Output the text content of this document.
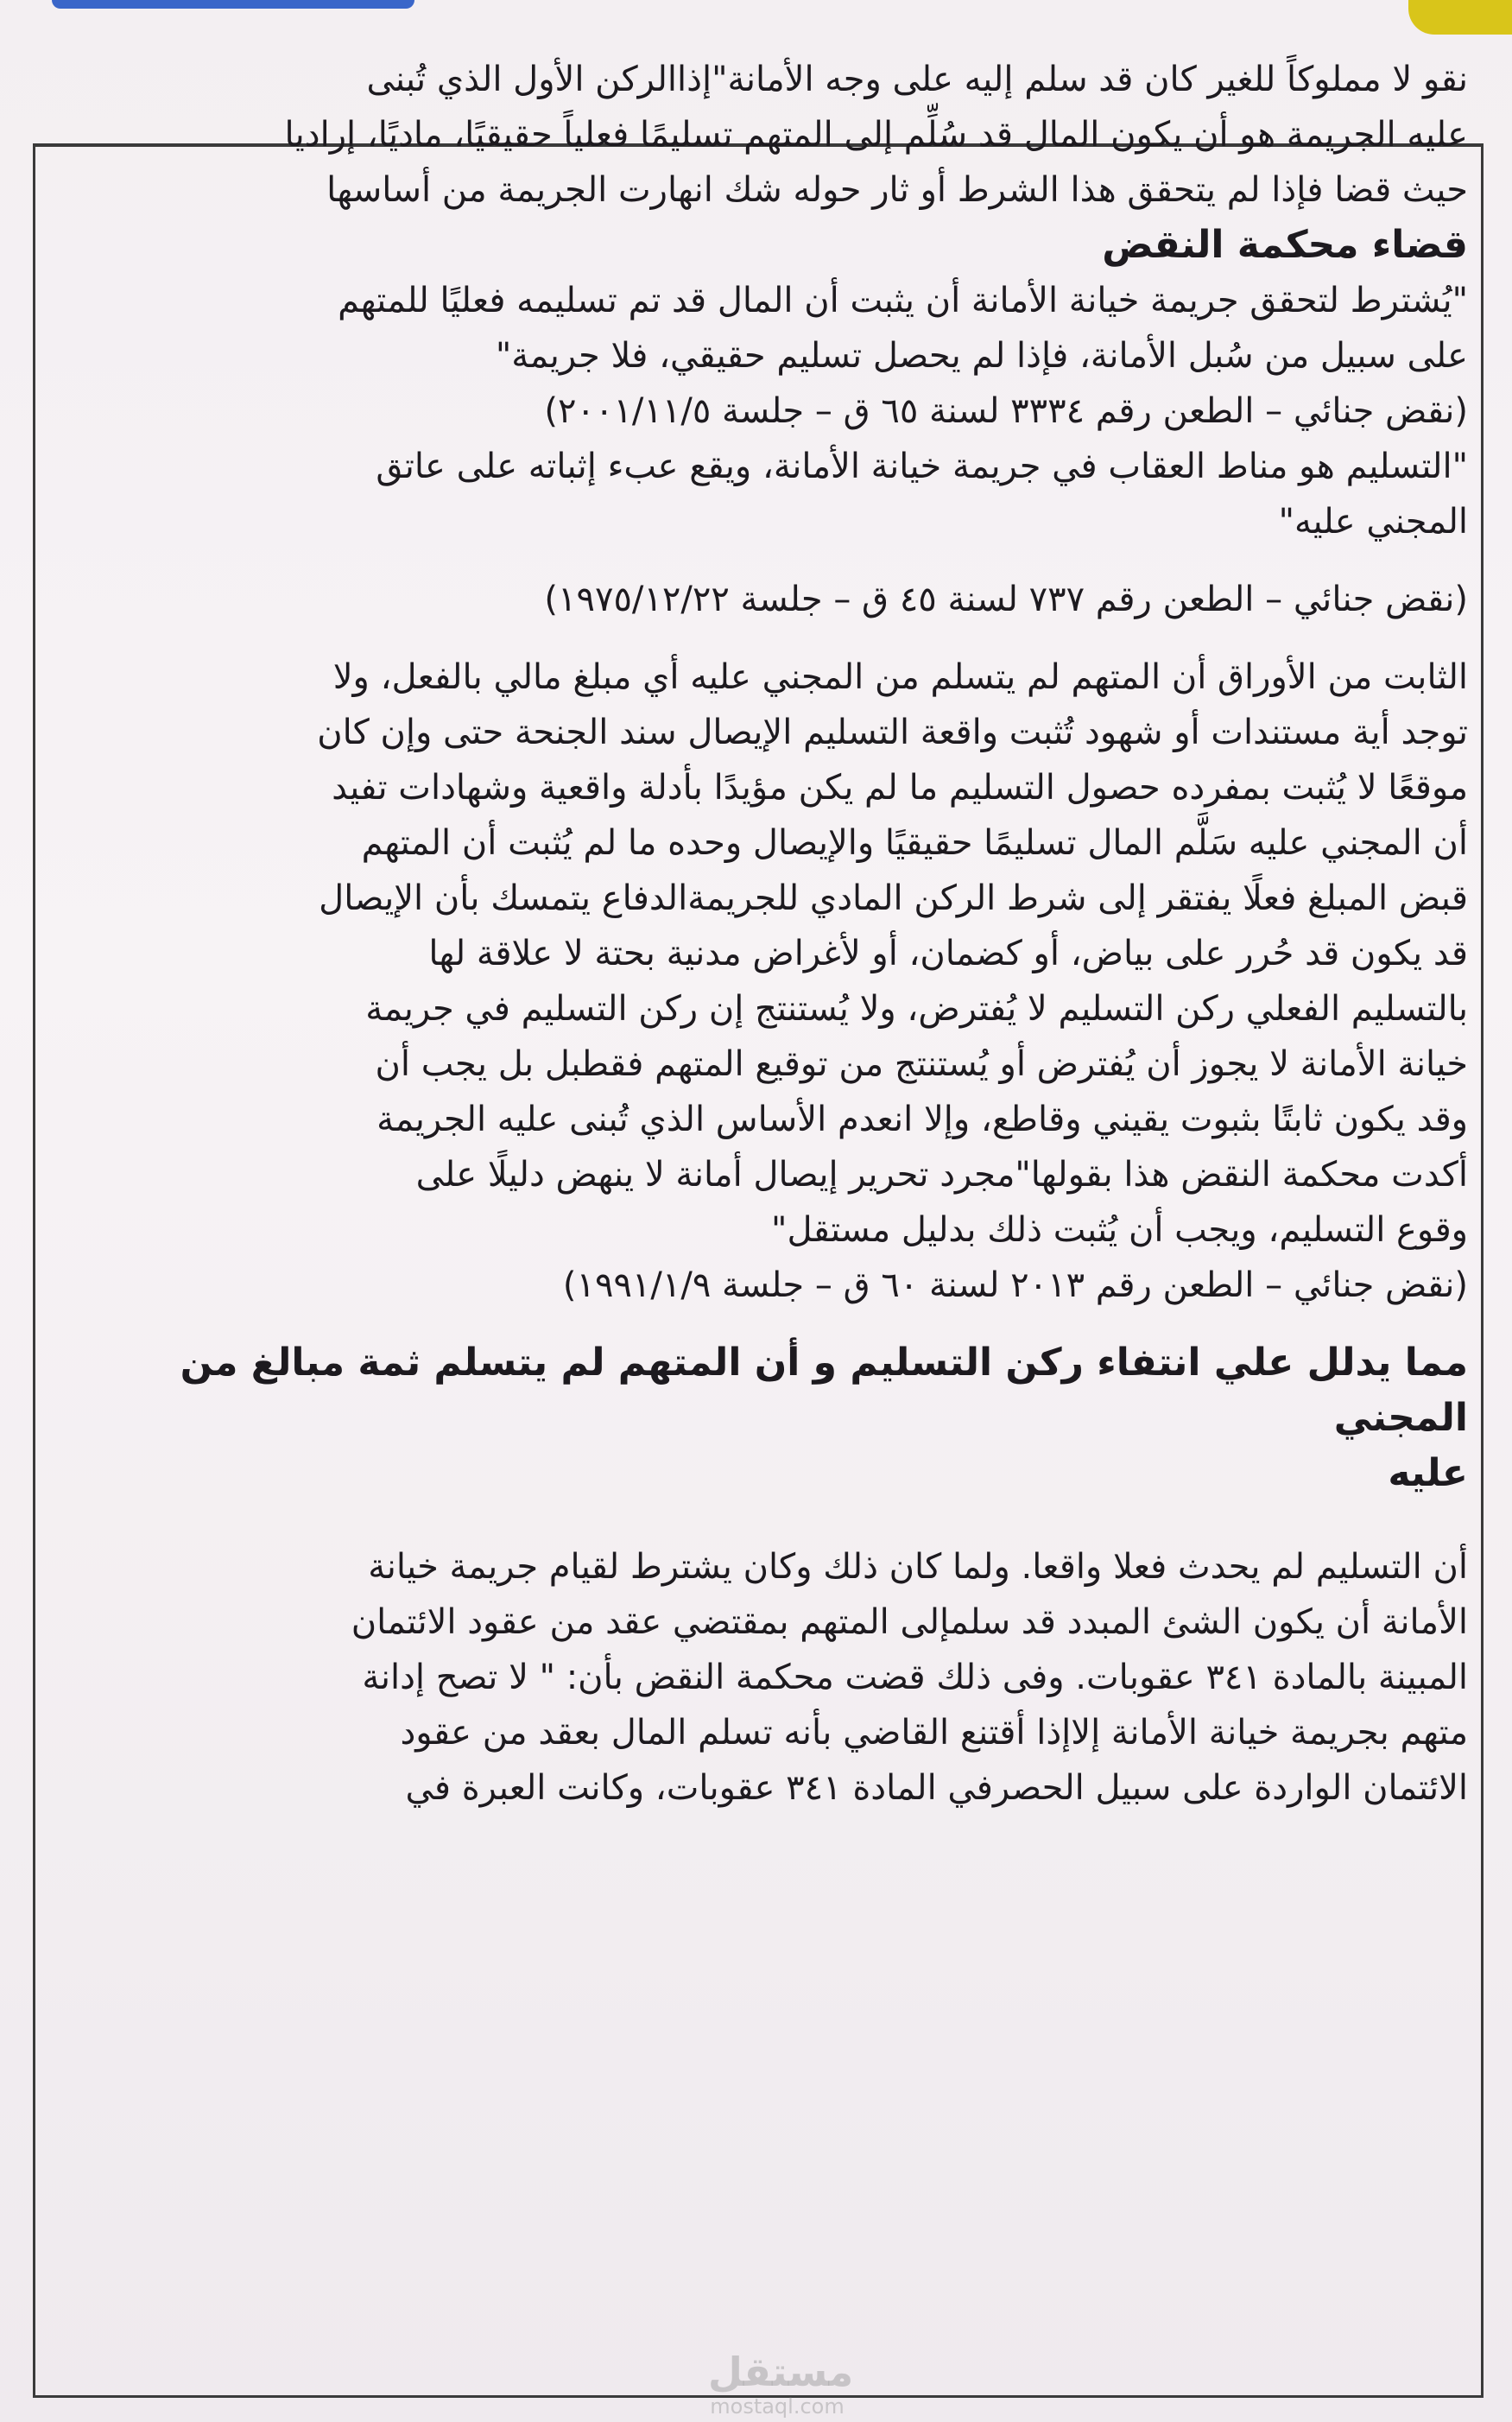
نقو لا مملوكاً للغير كان قد سلم إليه على وجه الأمانة"إذاالركن الأول الذي تُبنى

عليه الجريمة هو أن يكون المال قد سُلِّم إلى المتهم تسليمًا فعلياً حقيقيًا، ماديًا، إراديا

حيث قضا فإذا لم يتحقق هذا الشرط أو ثار حوله شك انهارت الجريمة من أساسها

قضاء محكمة النقض

"يُشترط لتحقق جريمة خيانة الأمانة أن يثبت أن المال قد تم تسليمه فعليًا للمتهم

على سبيل من سُبل الأمانة، فإذا لم يحصل تسليم حقيقي، فلا جريمة"

(نقض جنائي – الطعن رقم ٣٣٣٤ لسنة ٦٥ ق – جلسة ٢٠٠١/١١/٥)

"التسليم هو مناط العقاب في جريمة خيانة الأمانة، ويقع عبء إثباته على عاتق

المجني عليه"

(نقض جنائي – الطعن رقم ٧٣٧ لسنة ٤٥ ق – جلسة ١٩٧٥/١٢/٢٢)

الثابت من الأوراق أن المتهم لم يتسلم من المجني عليه أي مبلغ مالي بالفعل، ولا

توجد أية مستندات أو شهود تُثبت واقعة التسليم الإيصال سند الجنحة حتى وإن كان

موقعًا لا يُثبت بمفرده حصول التسليم ما لم يكن مؤيدًا بأدلة واقعية وشهادات تفيد

أن المجني عليه سَلَّم المال تسليمًا حقيقيًا والإيصال وحده ما لم يُثبت أن المتهم

قبض المبلغ فعلًا يفتقر إلى شرط الركن المادي للجريمةالدفاع يتمسك بأن الإيصال

قد يكون قد حُرر على بياض، أو كضمان، أو لأغراض مدنية بحتة لا علاقة لها

بالتسليم الفعلي ركن التسليم لا يُفترض، ولا يُستنتج إن ركن التسليم في جريمة

خيانة الأمانة لا يجوز أن يُفترض أو يُستنتج من توقيع المتهم فقطبل بل يجب أن

وقد يكون ثابتًا بثبوت يقيني وقاطع، وإلا انعدم الأساس الذي تُبنى عليه الجريمة

أكدت محكمة النقض هذا بقولها"مجرد تحرير إيصال أمانة لا ينهض دليلًا على

وقوع التسليم، ويجب أن يُثبت ذلك بدليل مستقل"

(نقض جنائي – الطعن رقم ٢٠١٣ لسنة ٦٠ ق – جلسة ١٩٩١/١/٩)

مما يدلل علي انتفاء ركن التسليم و أن المتهم لم يتسلم ثمة مبالغ من المجني

عليه

أن التسليم لم يحدث فعلا واقعا. ولما كان ذلك وكان يشترط لقيام جريمة خيانة

الأمانة أن يكون الشئ المبدد قد سلمإلى المتهم بمقتضي عقد من عقود الائتمان

المبينة بالمادة ٣٤١ عقوبات. وفى ذلك قضت محكمة النقض بأن: " لا تصح إدانة

متهم بجريمة خيانة الأمانة إلاإذا أقتنع القاضي بأنه تسلم المال بعقد من عقود

الائتمان الواردة على سبيل الحصرفي المادة ٣٤١ عقوبات، وكانت العبرة في

مستقل
mostaql.com
